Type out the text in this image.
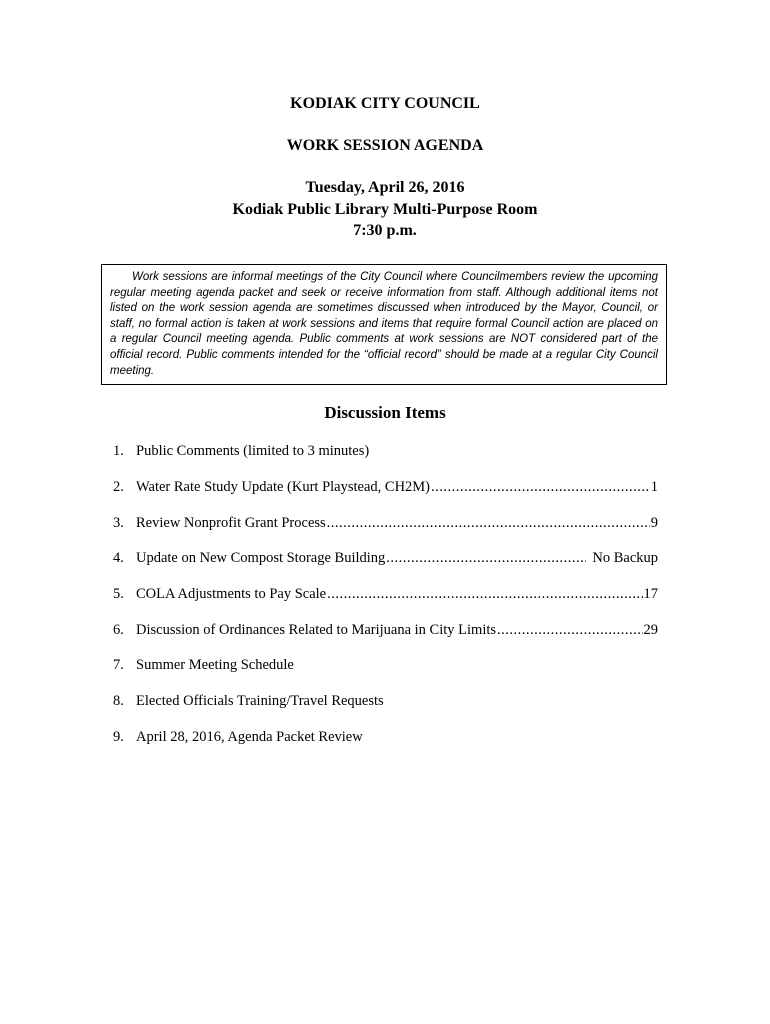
KODIAK CITY COUNCIL
WORK SESSION AGENDA
Tuesday, April 26, 2016
Kodiak Public Library Multi-Purpose Room
7:30 p.m.
Work sessions are informal meetings of the City Council where Councilmembers review the upcoming regular meeting agenda packet and seek or receive information from staff. Although additional items not listed on the work session agenda are sometimes discussed when introduced by the Mayor, Council, or staff, no formal action is taken at work sessions and items that require formal Council action are placed on a regular Council meeting agenda. Public comments at work sessions are NOT considered part of the official record. Public comments intended for the “official record” should be made at a regular City Council meeting.
Discussion Items
1. Public Comments (limited to 3 minutes)
2. Water Rate Study Update (Kurt Playstead, CH2M) .....	1
3. Review Nonprofit Grant Process .....	9
4. Update on New Compost Storage Building .....	No Backup
5. COLA Adjustments to Pay Scale .....	17
6. Discussion of Ordinances Related to Marijuana in City Limits .....	29
7. Summer Meeting Schedule
8. Elected Officials Training/Travel Requests
9. April 28, 2016, Agenda Packet Review
